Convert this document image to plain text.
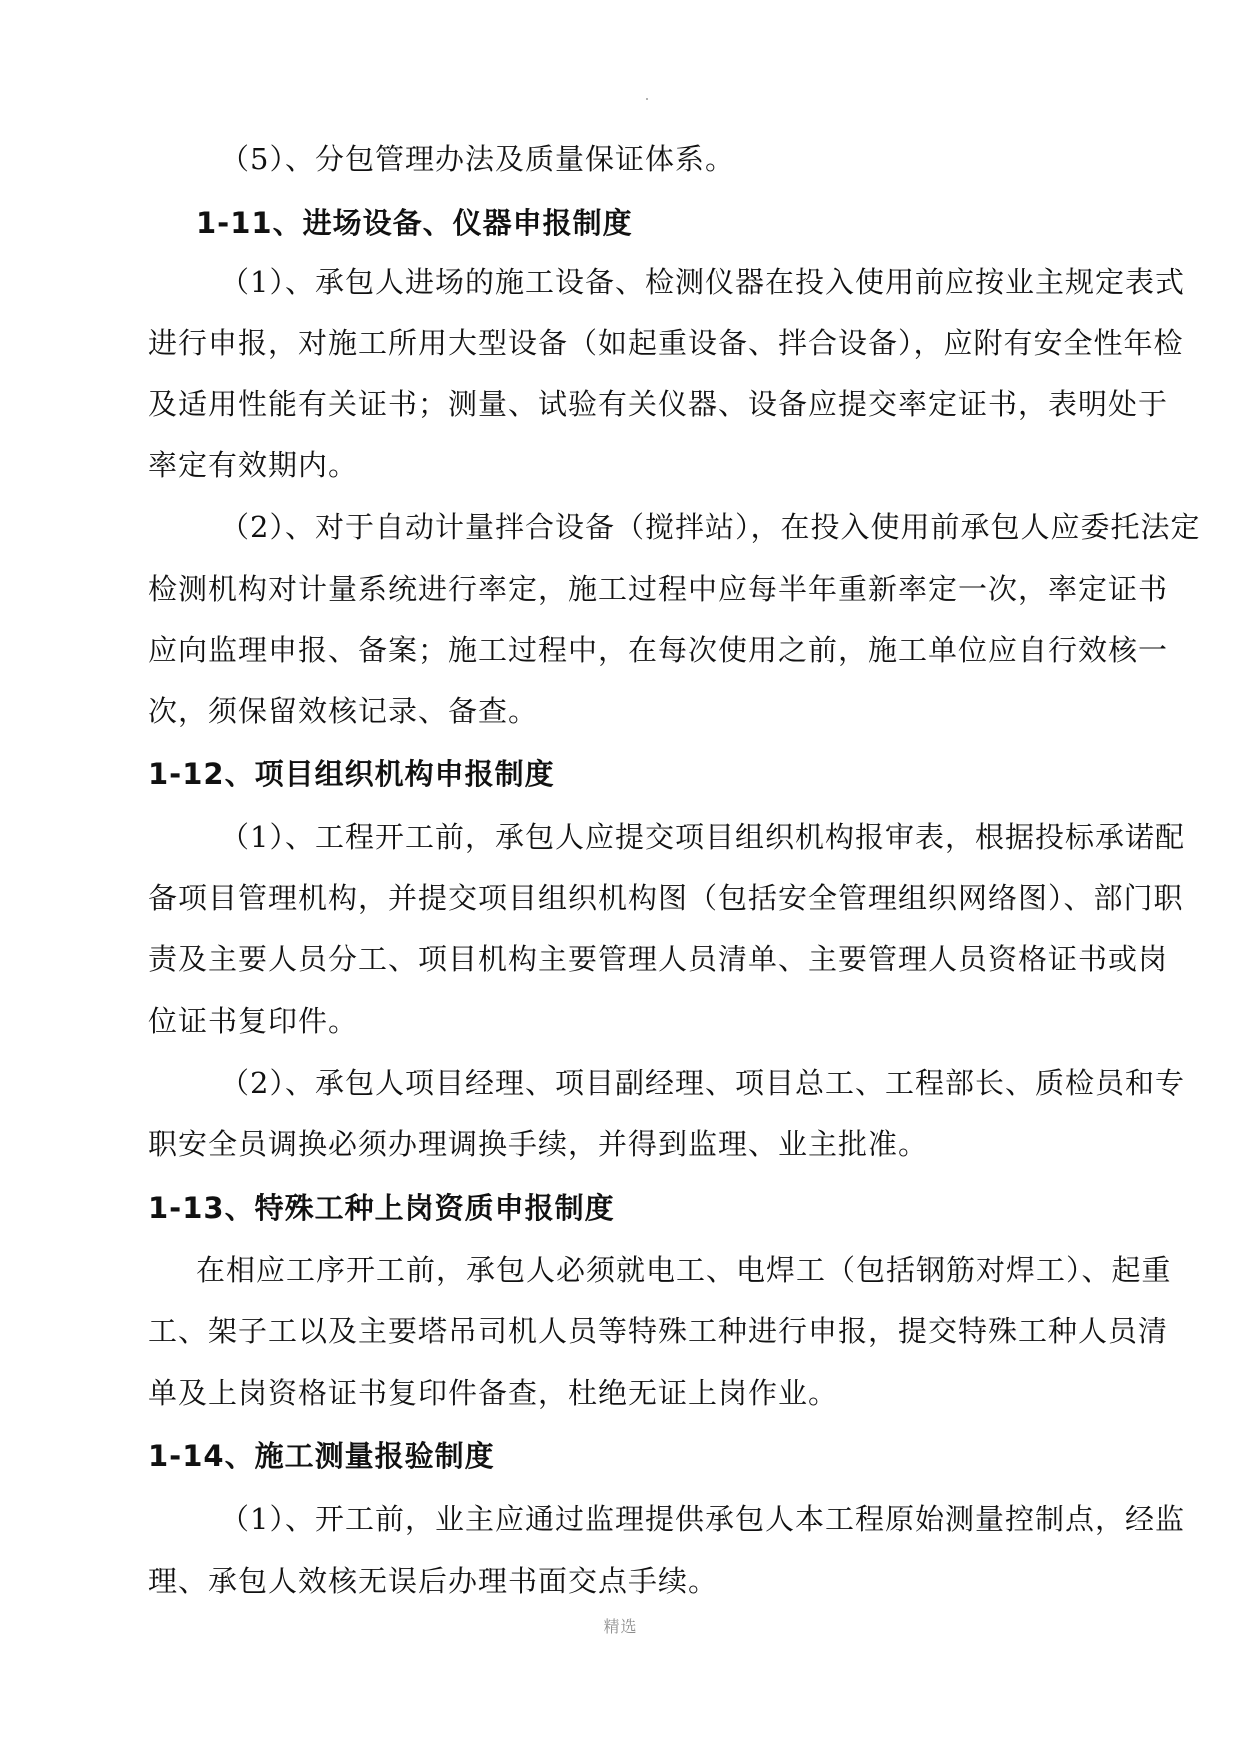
（5）、分包管理办法及质量保证体系。
1-11、进场设备、仪器申报制度
（1）、承包人进场的施工设备、检测仪器在投入使用前应按业主规定表式
进行申报，对施工所用大型设备（如起重设备、拌合设备），应附有安全性年检
及适用性能有关证书；测量、试验有关仪器、设备应提交率定证书，表明处于
率定有效期内。
（2）、对于自动计量拌合设备（搅拌站），在投入使用前承包人应委托法定
检测机构对计量系统进行率定，施工过程中应每半年重新率定一次，率定证书
应向监理申报、备案；施工过程中，在每次使用之前，施工单位应自行效核一
次，须保留效核记录、备查。
1-12、项目组织机构申报制度
（1）、工程开工前，承包人应提交项目组织机构报审表，根据投标承诺配
备项目管理机构，并提交项目组织机构图（包括安全管理组织网络图）、部门职
责及主要人员分工、项目机构主要管理人员清单、主要管理人员资格证书或岗
位证书复印件。
（2）、承包人项目经理、项目副经理、项目总工、工程部长、质检员和专
职安全员调换必须办理调换手续，并得到监理、业主批准。
1-13、特殊工种上岗资质申报制度
在相应工序开工前，承包人必须就电工、电焊工（包括钢筋对焊工）、起重
工、架子工以及主要塔吊司机人员等特殊工种进行申报，提交特殊工种人员清
单及上岗资格证书复印件备查，杜绝无证上岗作业。
1-14、施工测量报验制度
（1）、开工前，业主应通过监理提供承包人本工程原始测量控制点，经监
理、承包人效核无误后办理书面交点手续。
精选
